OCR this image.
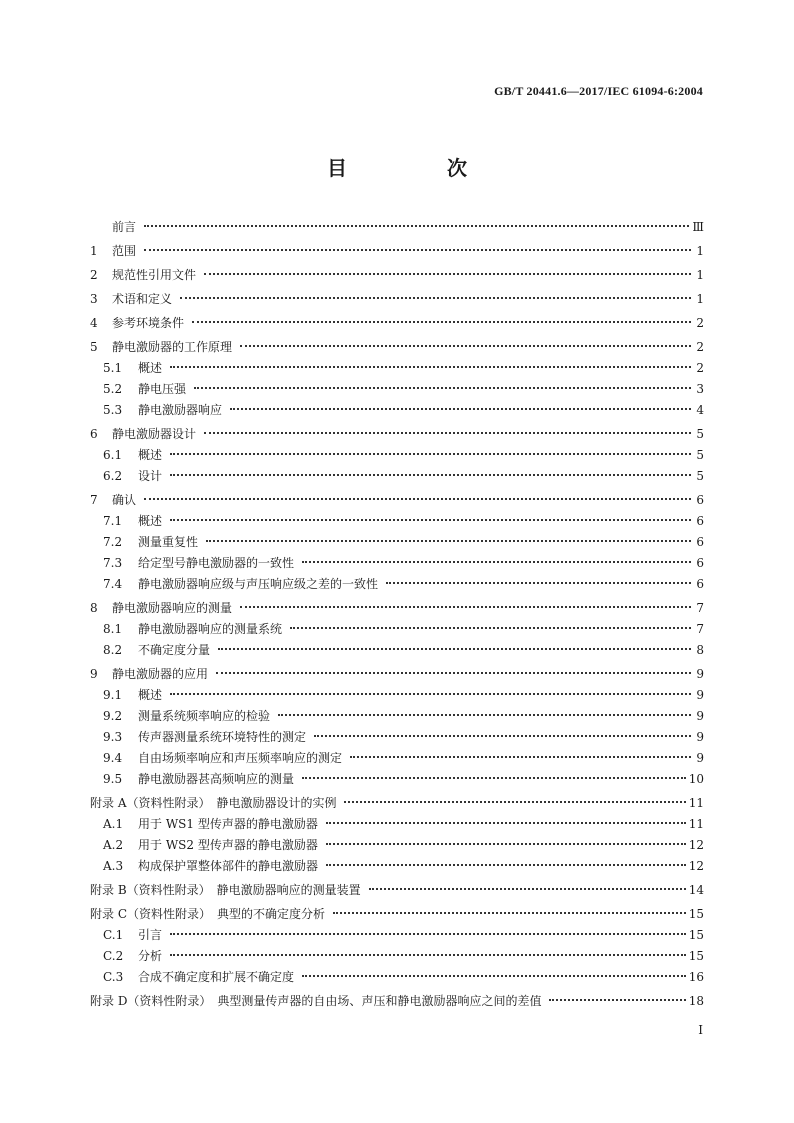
GB/T 20441.6—2017/IEC 61094-6:2004
目　次
前言	Ⅲ
1	范围	1
2	规范性引用文件	1
3	术语和定义	1
4	参考环境条件	2
5	静电激励器的工作原理	2
5.1	概述	2
5.2	静电压强	3
5.3	静电激励器响应	4
6	静电激励器设计	5
6.1	概述	5
6.2	设计	5
7	确认	6
7.1	概述	6
7.2	测量重复性	6
7.3	给定型号静电激励器的一致性	6
7.4	静电激励器响应级与声压响应级之差的一致性	6
8	静电激励器响应的测量	7
8.1	静电激励器响应的测量系统	7
8.2	不确定度分量	8
9	静电激励器的应用	9
9.1	概述	9
9.2	测量系统频率响应的检验	9
9.3	传声器测量系统环境特性的测定	9
9.4	自由场频率响应和声压频率响应的测定	9
9.5	静电激励器甚高频响应的测量	10
附录 A（资料性附录）　静电激励器设计的实例	11
A.1	用于 WS1 型传声器的静电激励器	11
A.2	用于 WS2 型传声器的静电激励器	12
A.3	构成保护罩整体部件的静电激励器	12
附录 B（资料性附录）　静电激励器响应的测量装置	14
附录 C（资料性附录）　典型的不确定度分析	15
C.1	引言	15
C.2	分析	15
C.3	合成不确定度和扩展不确定度	16
附录 D（资料性附录）　典型测量传声器的自由场、声压和静电激励器响应之间的差值	18
I
